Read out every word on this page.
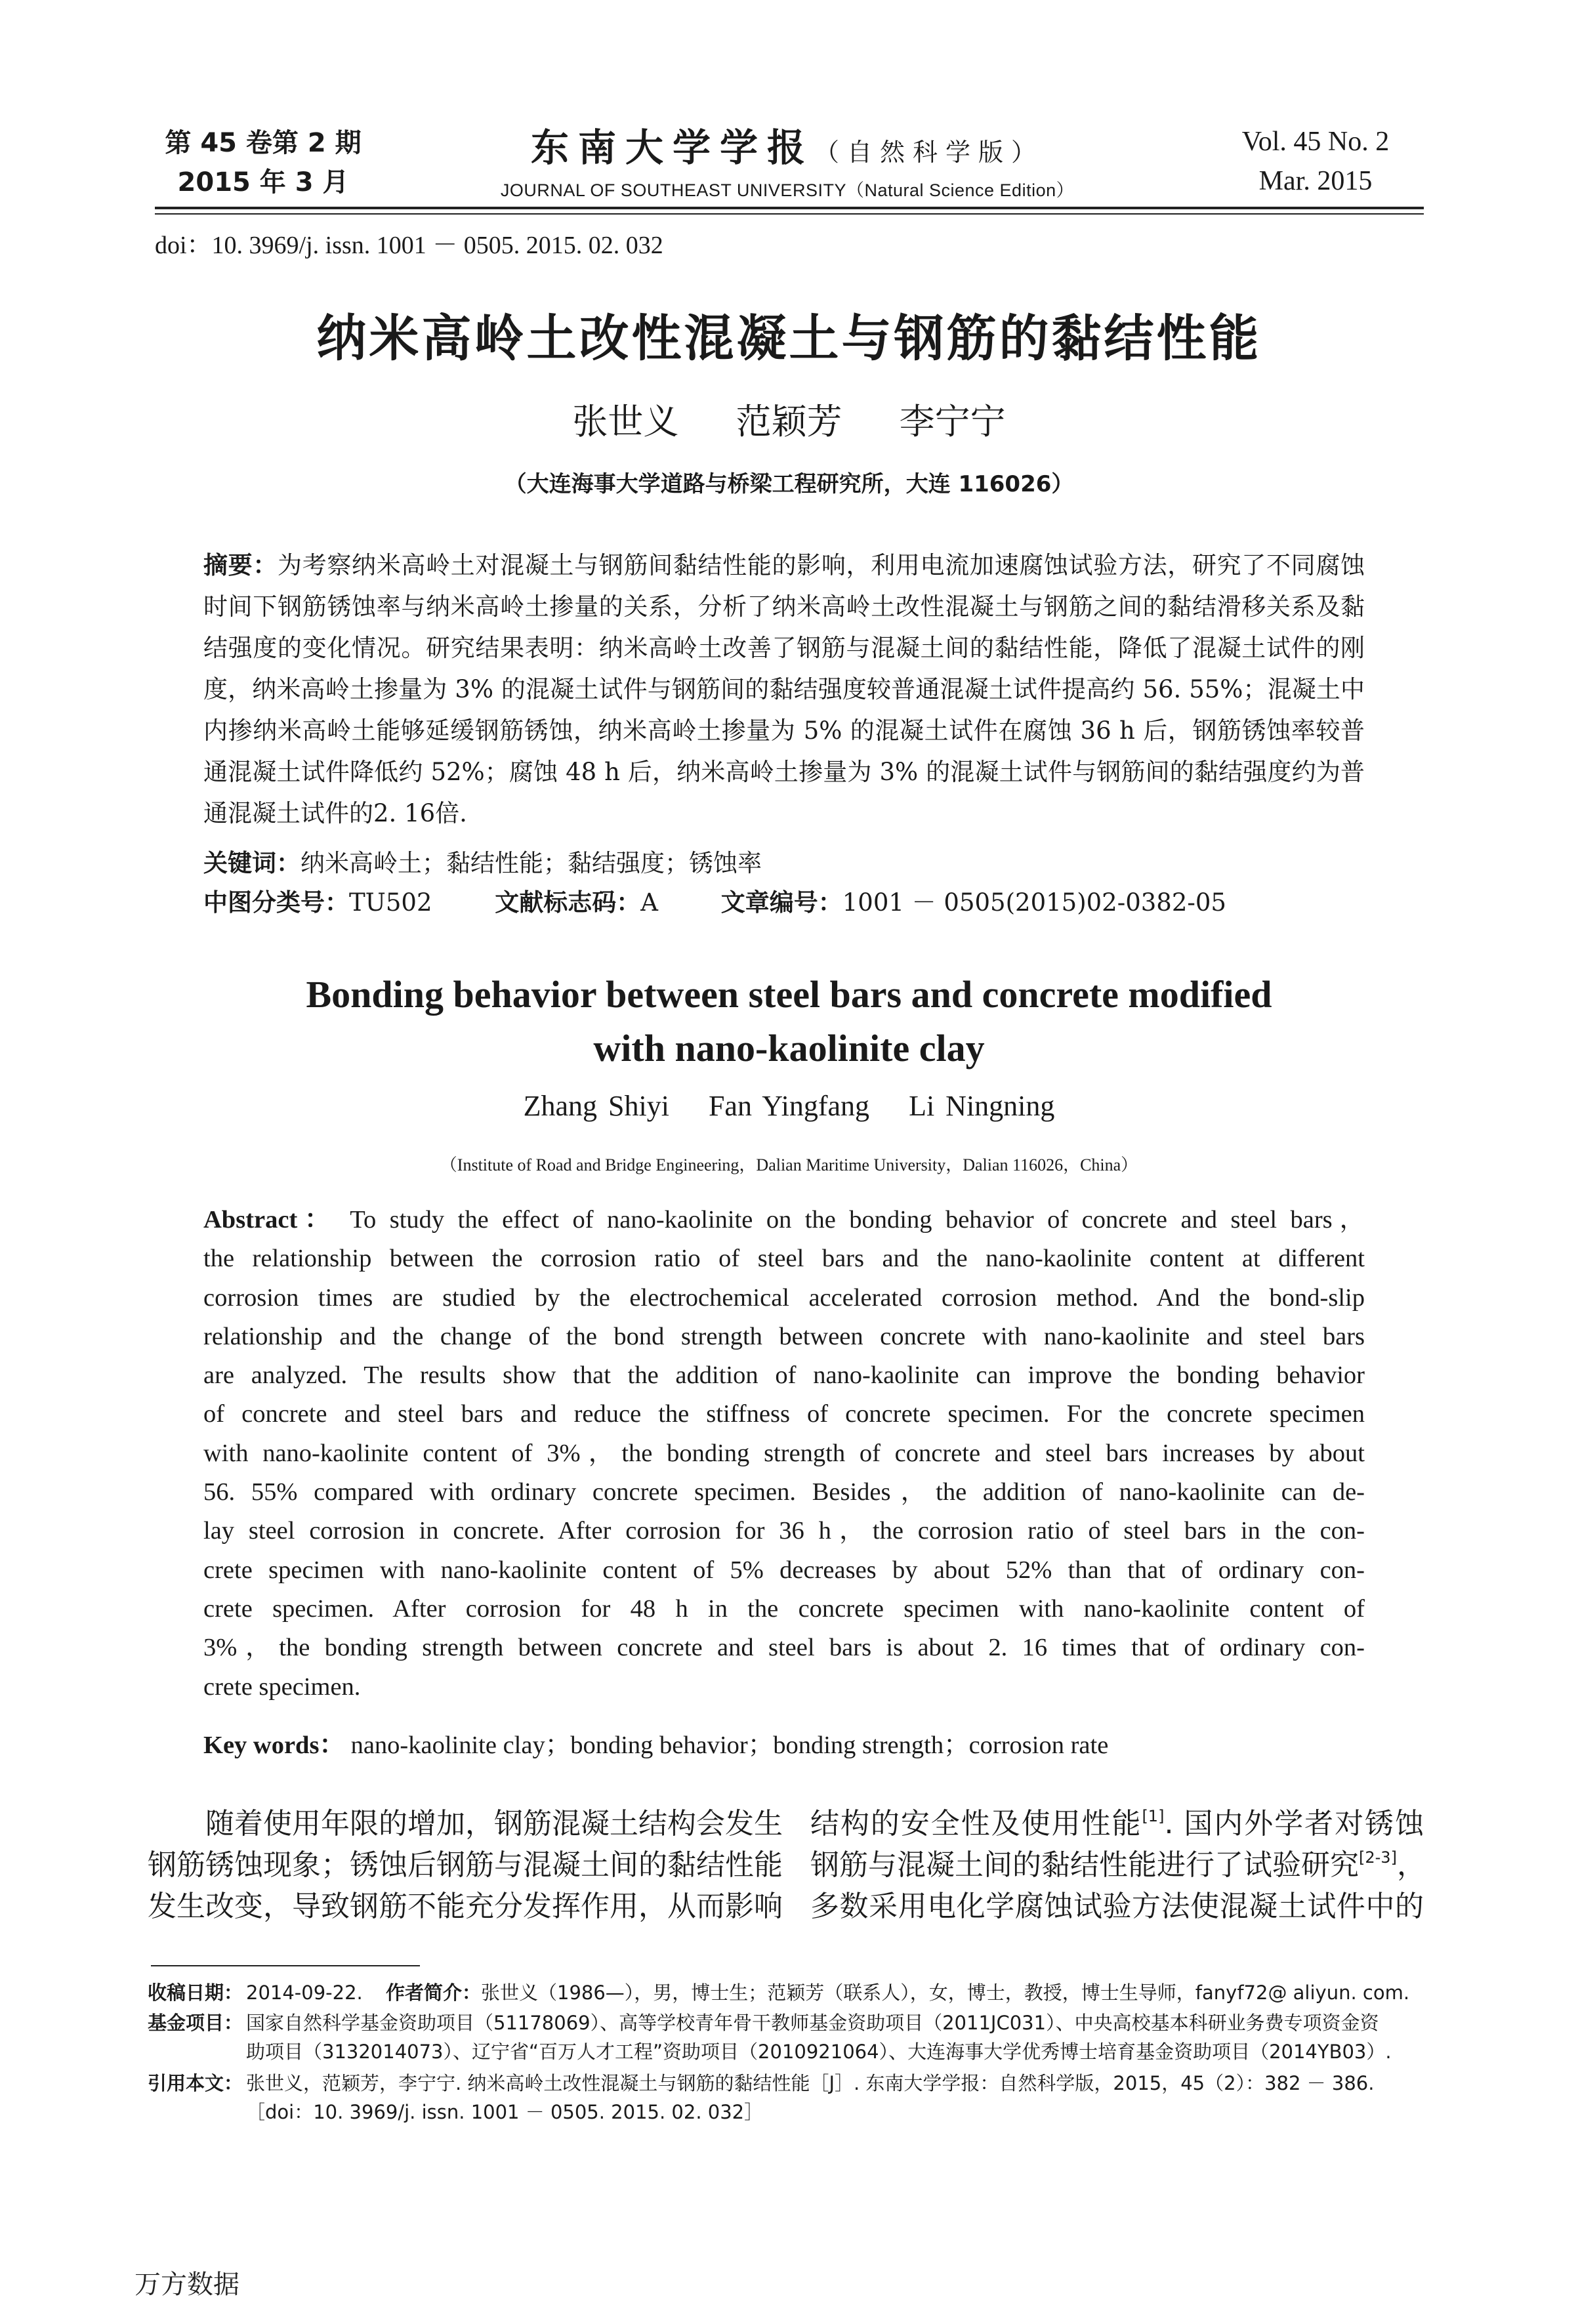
第 45 卷第 2 期
2015 年 3 月
东南大学学报（自然科学版）
JOURNAL OF SOUTHEAST UNIVERSITY（Natural Science Edition）
Vol. 45 No. 2
Mar. 2015
doi：10. 3969/j. issn. 1001 － 0505. 2015. 02. 032
纳米高岭土改性混凝土与钢筋的黏结性能
张世义 范颖芳 李宁宁
（大连海事大学道路与桥梁工程研究所，大连 116026）
摘要：为考察纳米高岭土对混凝土与钢筋间黏结性能的影响，利用电流加速腐蚀试验方法，研究了不同腐蚀时间下钢筋锈蚀率与纳米高岭土掺量的关系，分析了纳米高岭土改性混凝土与钢筋之间的黏结滑移关系及黏结强度的变化情况。研究结果表明：纳米高岭土改善了钢筋与混凝土间的黏结性能，降低了混凝土试件的刚度，纳米高岭土掺量为 3% 的混凝土试件与钢筋间的黏结强度较普通混凝土试件提高约 56. 55%；混凝土中内掺纳米高岭土能够延缓钢筋锈蚀，纳米高岭土掺量为 5% 的混凝土试件在腐蚀 36 h 后，钢筋锈蚀率较普通混凝土试件降低约 52%；腐蚀 48 h 后，纳米高岭土掺量为 3% 的混凝土试件与钢筋间的黏结强度约为普通混凝土试件的2. 16倍.
关键词：纳米高岭土；黏结性能；黏结强度；锈蚀率
中图分类号：TU502	文献标志码：A	文章编号：1001 － 0505(2015)02-0382-05
Bonding behavior between steel bars and concrete modified
with nano-kaolinite clay
Zhang Shiyi Fan Yingfang Li Ningning
（Institute of Road and Bridge Engineering，Dalian Maritime University，Dalian 116026，China）
Abstract： To study the effect of nano-kaolinite on the bonding behavior of concrete and steel bars，
the relationship between the corrosion ratio of steel bars and the nano-kaolinite content at different
corrosion times are studied by the electrochemical accelerated corrosion method. And the bond-slip
relationship and the change of the bond strength between concrete with nano-kaolinite and steel bars
are analyzed. The results show that the addition of nano-kaolinite can improve the bonding behavior
of concrete and steel bars and reduce the stiffness of concrete specimen. For the concrete specimen
with nano-kaolinite content of 3%，the bonding strength of concrete and steel bars increases by about
56. 55% compared with ordinary concrete specimen. Besides，the addition of nano-kaolinite can de-
lay steel corrosion in concrete. After corrosion for 36 h，the corrosion ratio of steel bars in the con-
crete specimen with nano-kaolinite content of 5% decreases by about 52% than that of ordinary con-
crete specimen. After corrosion for 48 h in the concrete specimen with nano-kaolinite content of
3%，the bonding strength between concrete and steel bars is about 2. 16 times that of ordinary con-
crete specimen.
Key words： nano-kaolinite clay；bonding behavior；bonding strength；corrosion rate
随着使用年限的增加，钢筋混凝土结构会发生
钢筋锈蚀现象；锈蚀后钢筋与混凝土间的黏结性能
发生改变，导致钢筋不能充分发挥作用，从而影响
结构的安全性及使用性能[1]. 国内外学者对锈蚀
钢筋与混凝土间的黏结性能进行了试验研究[2-3]，
多数采用电化学腐蚀试验方法使混凝土试件中的
收稿日期： 2014-09-22. 作者简介：张世义（1986—），男，博士生；范颖芳（联系人），女，博士，教授，博士生导师，fanyf72@ aliyun. com.
基金项目： 国家自然科学基金资助项目（51178069）、高等学校青年骨干教师基金资助项目（2011JC031）、中央高校基本科研业务费专项资金资
助项目（3132014073）、辽宁省“百万人才工程”资助项目（2010921064）、大连海事大学优秀博士培育基金资助项目（2014YB03）.
引用本文： 张世义，范颖芳，李宁宁. 纳米高岭土改性混凝土与钢筋的黏结性能［J］. 东南大学学报：自然科学版，2015，45（2）：382 － 386.
［doi：10. 3969/j. issn. 1001 － 0505. 2015. 02. 032］
万方数据
